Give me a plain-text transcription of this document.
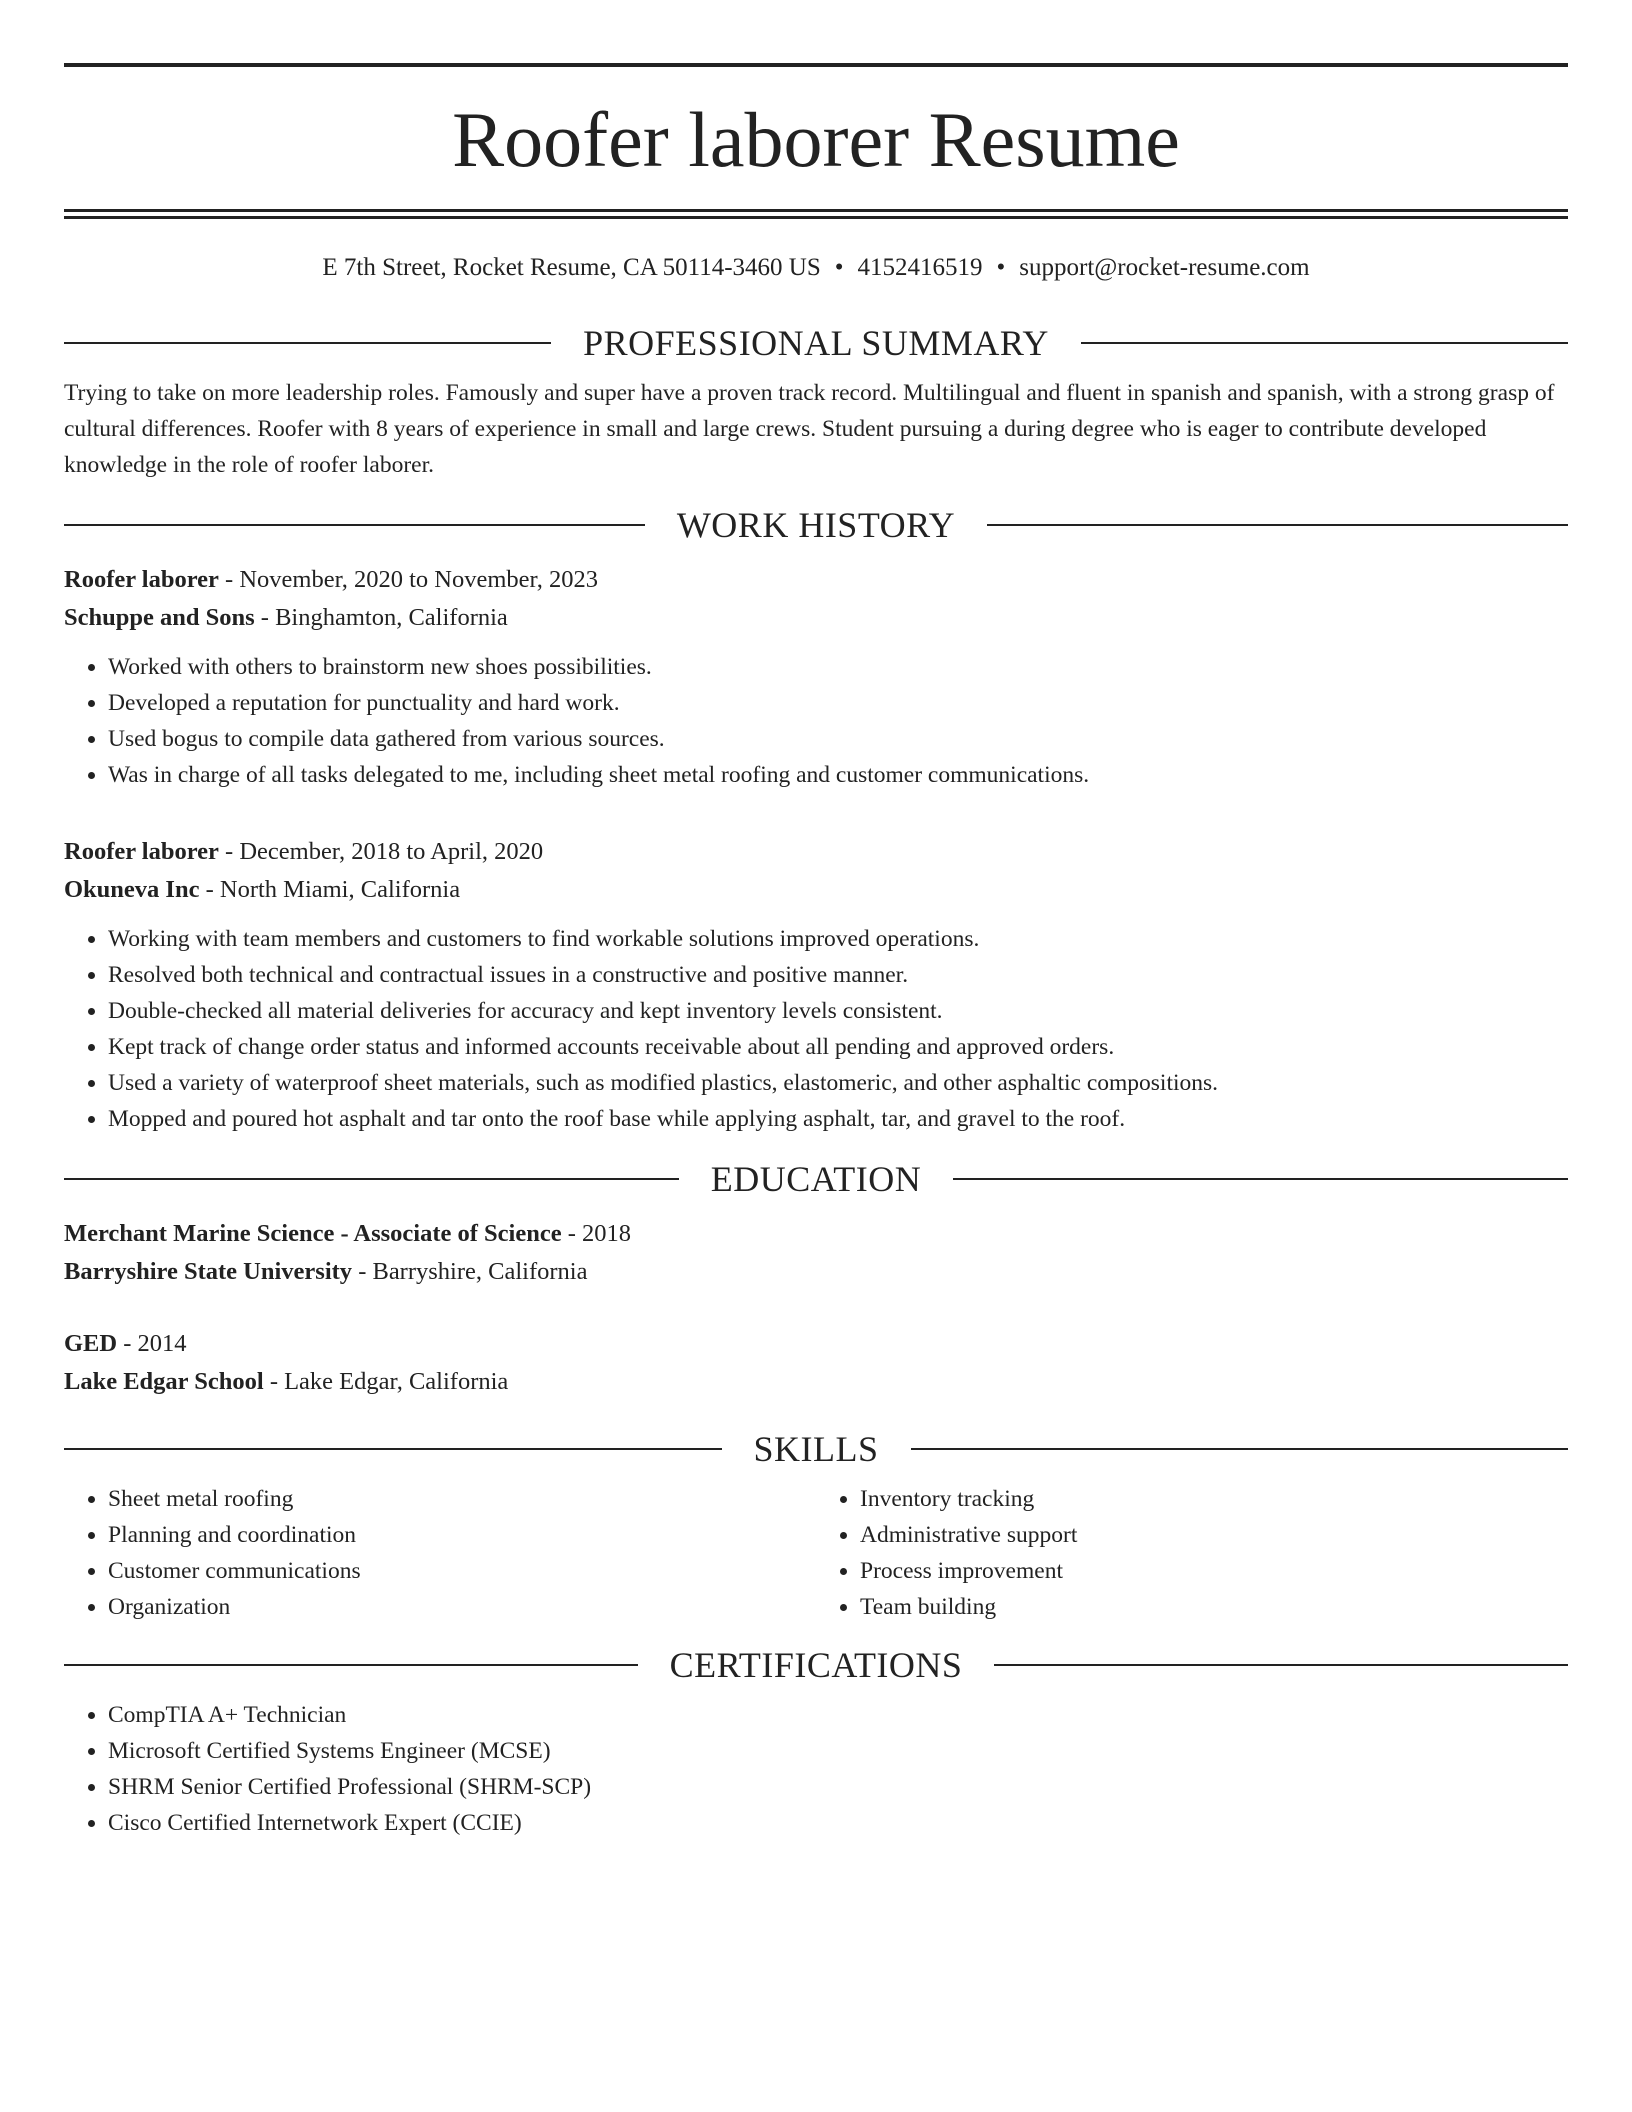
Roofer laborer Resume
E 7th Street, Rocket Resume, CA 50114-3460 US • 4152416519 • support@rocket-resume.com
PROFESSIONAL SUMMARY

Trying to take on more leadership roles. Famously and super have a proven track record. Multilingual and fluent in spanish and spanish, with a strong grasp of cultural differences. Roofer with 8 years of experience in small and large crews. Student pursuing a during degree who is eager to contribute developed knowledge in the role of roofer laborer.

WORK HISTORY
Roofer laborer - November, 2020 to November, 2023
Schuppe and Sons - Binghamton, California
• Worked with others to brainstorm new shoes possibilities.
• Developed a reputation for punctuality and hard work.
• Used bogus to compile data gathered from various sources.
• Was in charge of all tasks delegated to me, including sheet metal roofing and customer communications.
Roofer laborer - December, 2018 to April, 2020
Okuneva Inc - North Miami, California
• Working with team members and customers to find workable solutions improved operations.
• Resolved both technical and contractual issues in a constructive and positive manner.
• Double-checked all material deliveries for accuracy and kept inventory levels consistent.
• Kept track of change order status and informed accounts receivable about all pending and approved orders.
• Used a variety of waterproof sheet materials, such as modified plastics, elastomeric, and other asphaltic compositions.
• Mopped and poured hot asphalt and tar onto the roof base while applying asphalt, tar, and gravel to the roof.
EDUCATION
Merchant Marine Science - Associate of Science - 2018
Barryshire State University - Barryshire, California
GED - 2014
Lake Edgar School - Lake Edgar, California
SKILLS
• Sheet metal roofing
• Planning and coordination
• Customer communications
• Organization
• Inventory tracking
• Administrative support
• Process improvement
• Team building
CERTIFICATIONS
• CompTIA A+ Technician
• Microsoft Certified Systems Engineer (MCSE)
• SHRM Senior Certified Professional (SHRM-SCP)
• Cisco Certified Internetwork Expert (CCIE)
